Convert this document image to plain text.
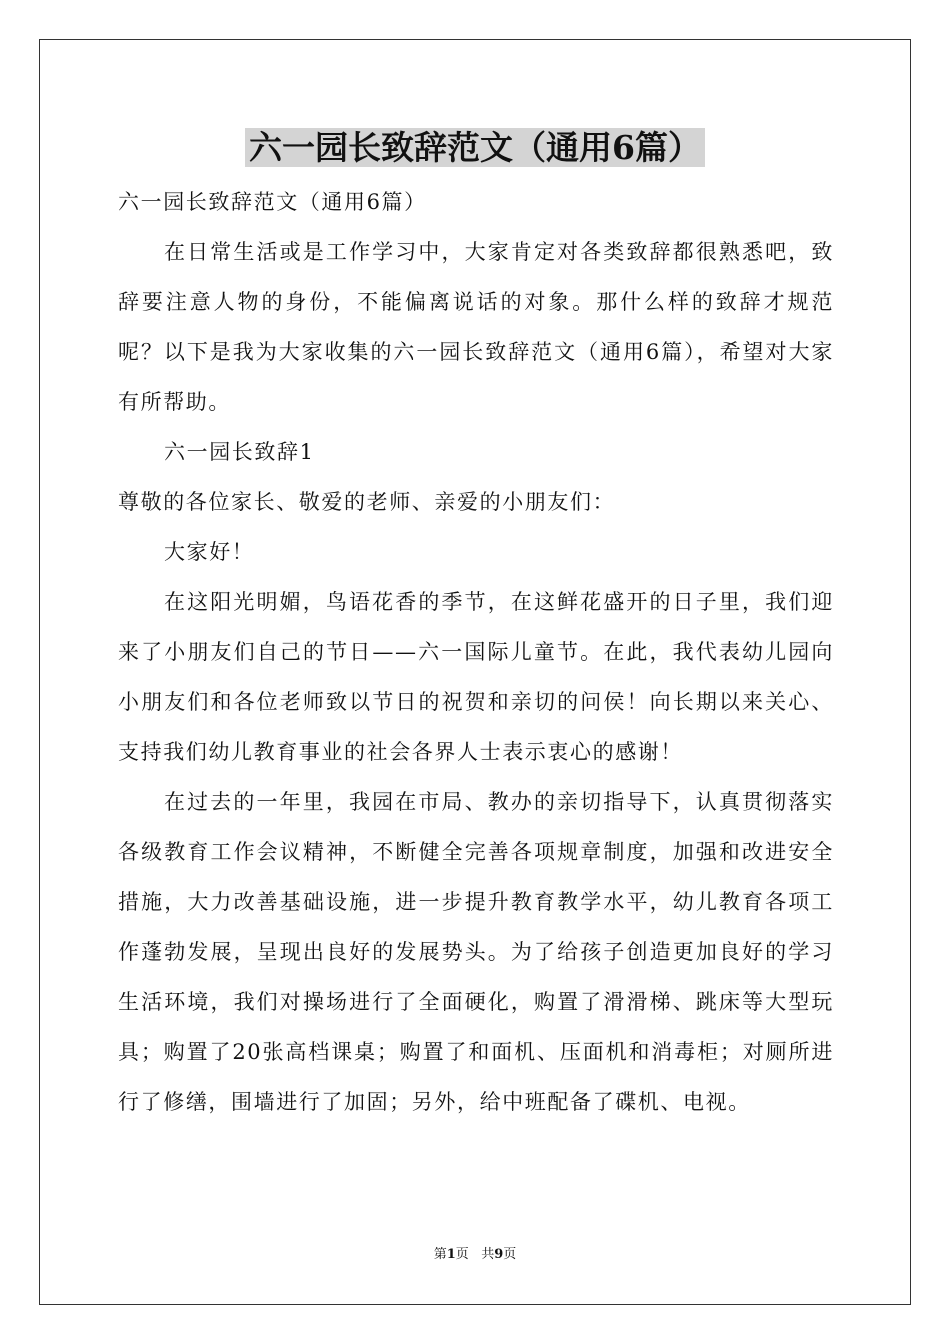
六一园长致辞范文（通用6篇）

六一园长致辞范文（通用6篇）

在日常生活或是工作学习中，大家肯定对各类致辞都很熟悉吧，致辞要注意人物的身份，不能偏离说话的对象。那什么样的致辞才规范呢？以下是我为大家收集的六一园长致辞范文（通用6篇），希望对大家有所帮助。

六一园长致辞1

尊敬的各位家长、敬爱的老师、亲爱的小朋友们：

大家好！

在这阳光明媚，鸟语花香的季节，在这鲜花盛开的日子里，我们迎来了小朋友们自己的节日——六一国际儿童节。在此，我代表幼儿园向小朋友们和各位老师致以节日的祝贺和亲切的问侯！向长期以来关心、支持我们幼儿教育事业的社会各界人士表示衷心的感谢！

在过去的一年里，我园在市局、教办的亲切指导下，认真贯彻落实各级教育工作会议精神，不断健全完善各项规章制度，加强和改进安全措施，大力改善基础设施，进一步提升教育教学水平，幼儿教育各项工作蓬勃发展，呈现出良好的发展势头。为了给孩子创造更加良好的学习生活环境，我们对操场进行了全面硬化，购置了滑滑梯、跳床等大型玩具；购置了20张高档课桌；购置了和面机、压面机和消毒柜；对厕所进行了修缮，围墙进行了加固；另外，给中班配备了碟机、电视。

第1页 共9页
